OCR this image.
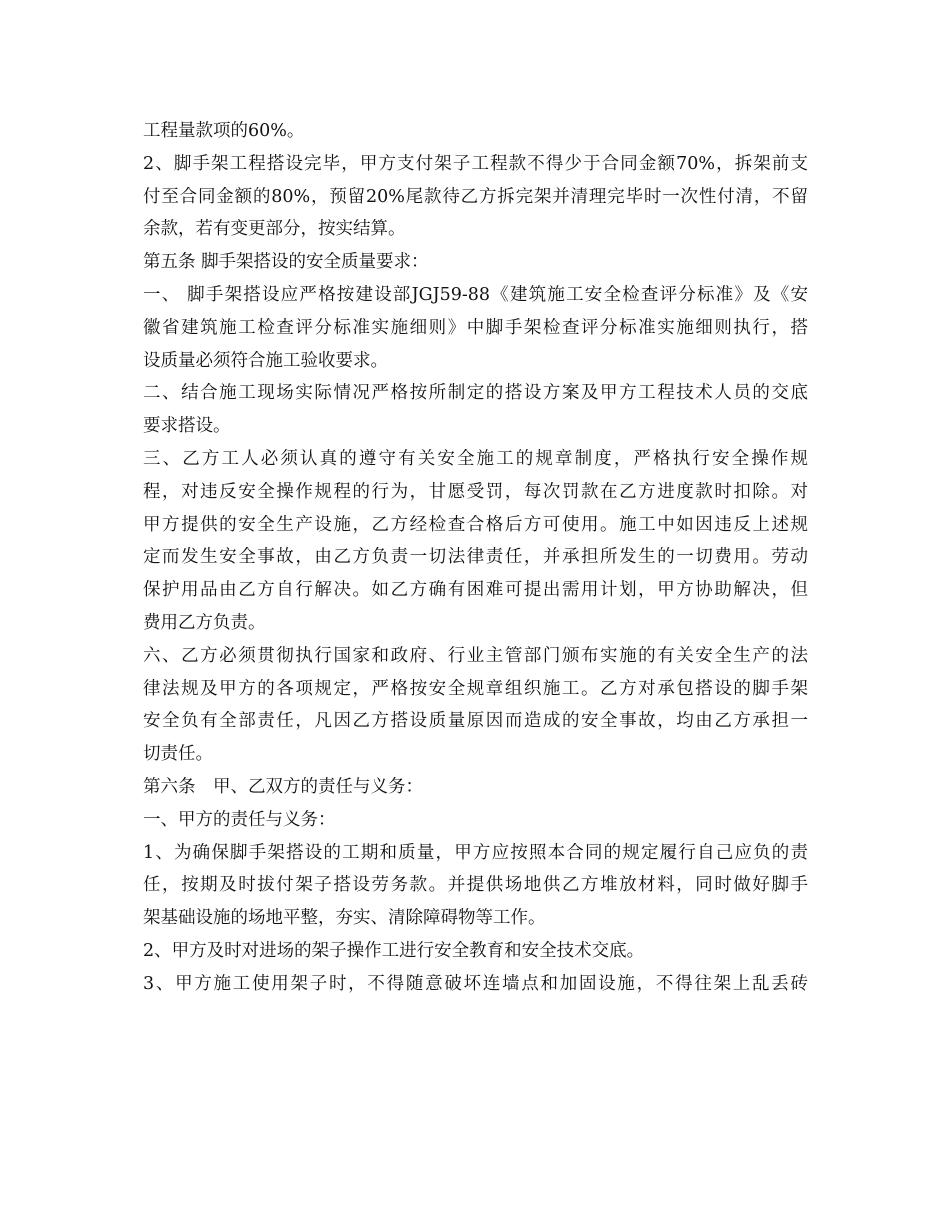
工程量款项的60%。
2、脚手架工程搭设完毕，甲方支付架子工程款不得少于合同金额70%，拆架前支
付至合同金额的80%，预留20%尾款待乙方拆完架并清理完毕时一次性付清，不留
余款，若有变更部分，按实结算。
第五条 脚手架搭设的安全质量要求：
一、 脚手架搭设应严格按建设部JGJ59-88《建筑施工安全检查评分标准》及《安
徽省建筑施工检查评分标准实施细则》中脚手架检查评分标准实施细则执行，搭
设质量必须符合施工验收要求。
二、结合施工现场实际情况严格按所制定的搭设方案及甲方工程技术人员的交底
要求搭设。
三、乙方工人必须认真的遵守有关安全施工的规章制度，严格执行安全操作规
程，对违反安全操作规程的行为，甘愿受罚，每次罚款在乙方进度款时扣除。对
甲方提供的安全生产设施，乙方经检查合格后方可使用。施工中如因违反上述规
定而发生安全事故，由乙方负责一切法律责任，并承担所发生的一切费用。劳动
保护用品由乙方自行解决。如乙方确有困难可提出需用计划，甲方协助解决，但
费用乙方负责。
六、乙方必须贯彻执行国家和政府、行业主管部门颁布实施的有关安全生产的法
律法规及甲方的各项规定，严格按安全规章组织施工。乙方对承包搭设的脚手架
安全负有全部责任，凡因乙方搭设质量原因而造成的安全事故，均由乙方承担一
切责任。
第六条　甲、乙双方的责任与义务：
一、甲方的责任与义务：
1、为确保脚手架搭设的工期和质量，甲方应按照本合同的规定履行自己应负的责
任，按期及时拔付架子搭设劳务款。并提供场地供乙方堆放材料，同时做好脚手
架基础设施的场地平整，夯实、清除障碍物等工作。
2、甲方及时对进场的架子操作工进行安全教育和安全技术交底。
3、甲方施工使用架子时，不得随意破坏连墙点和加固设施，不得往架上乱丢砖
